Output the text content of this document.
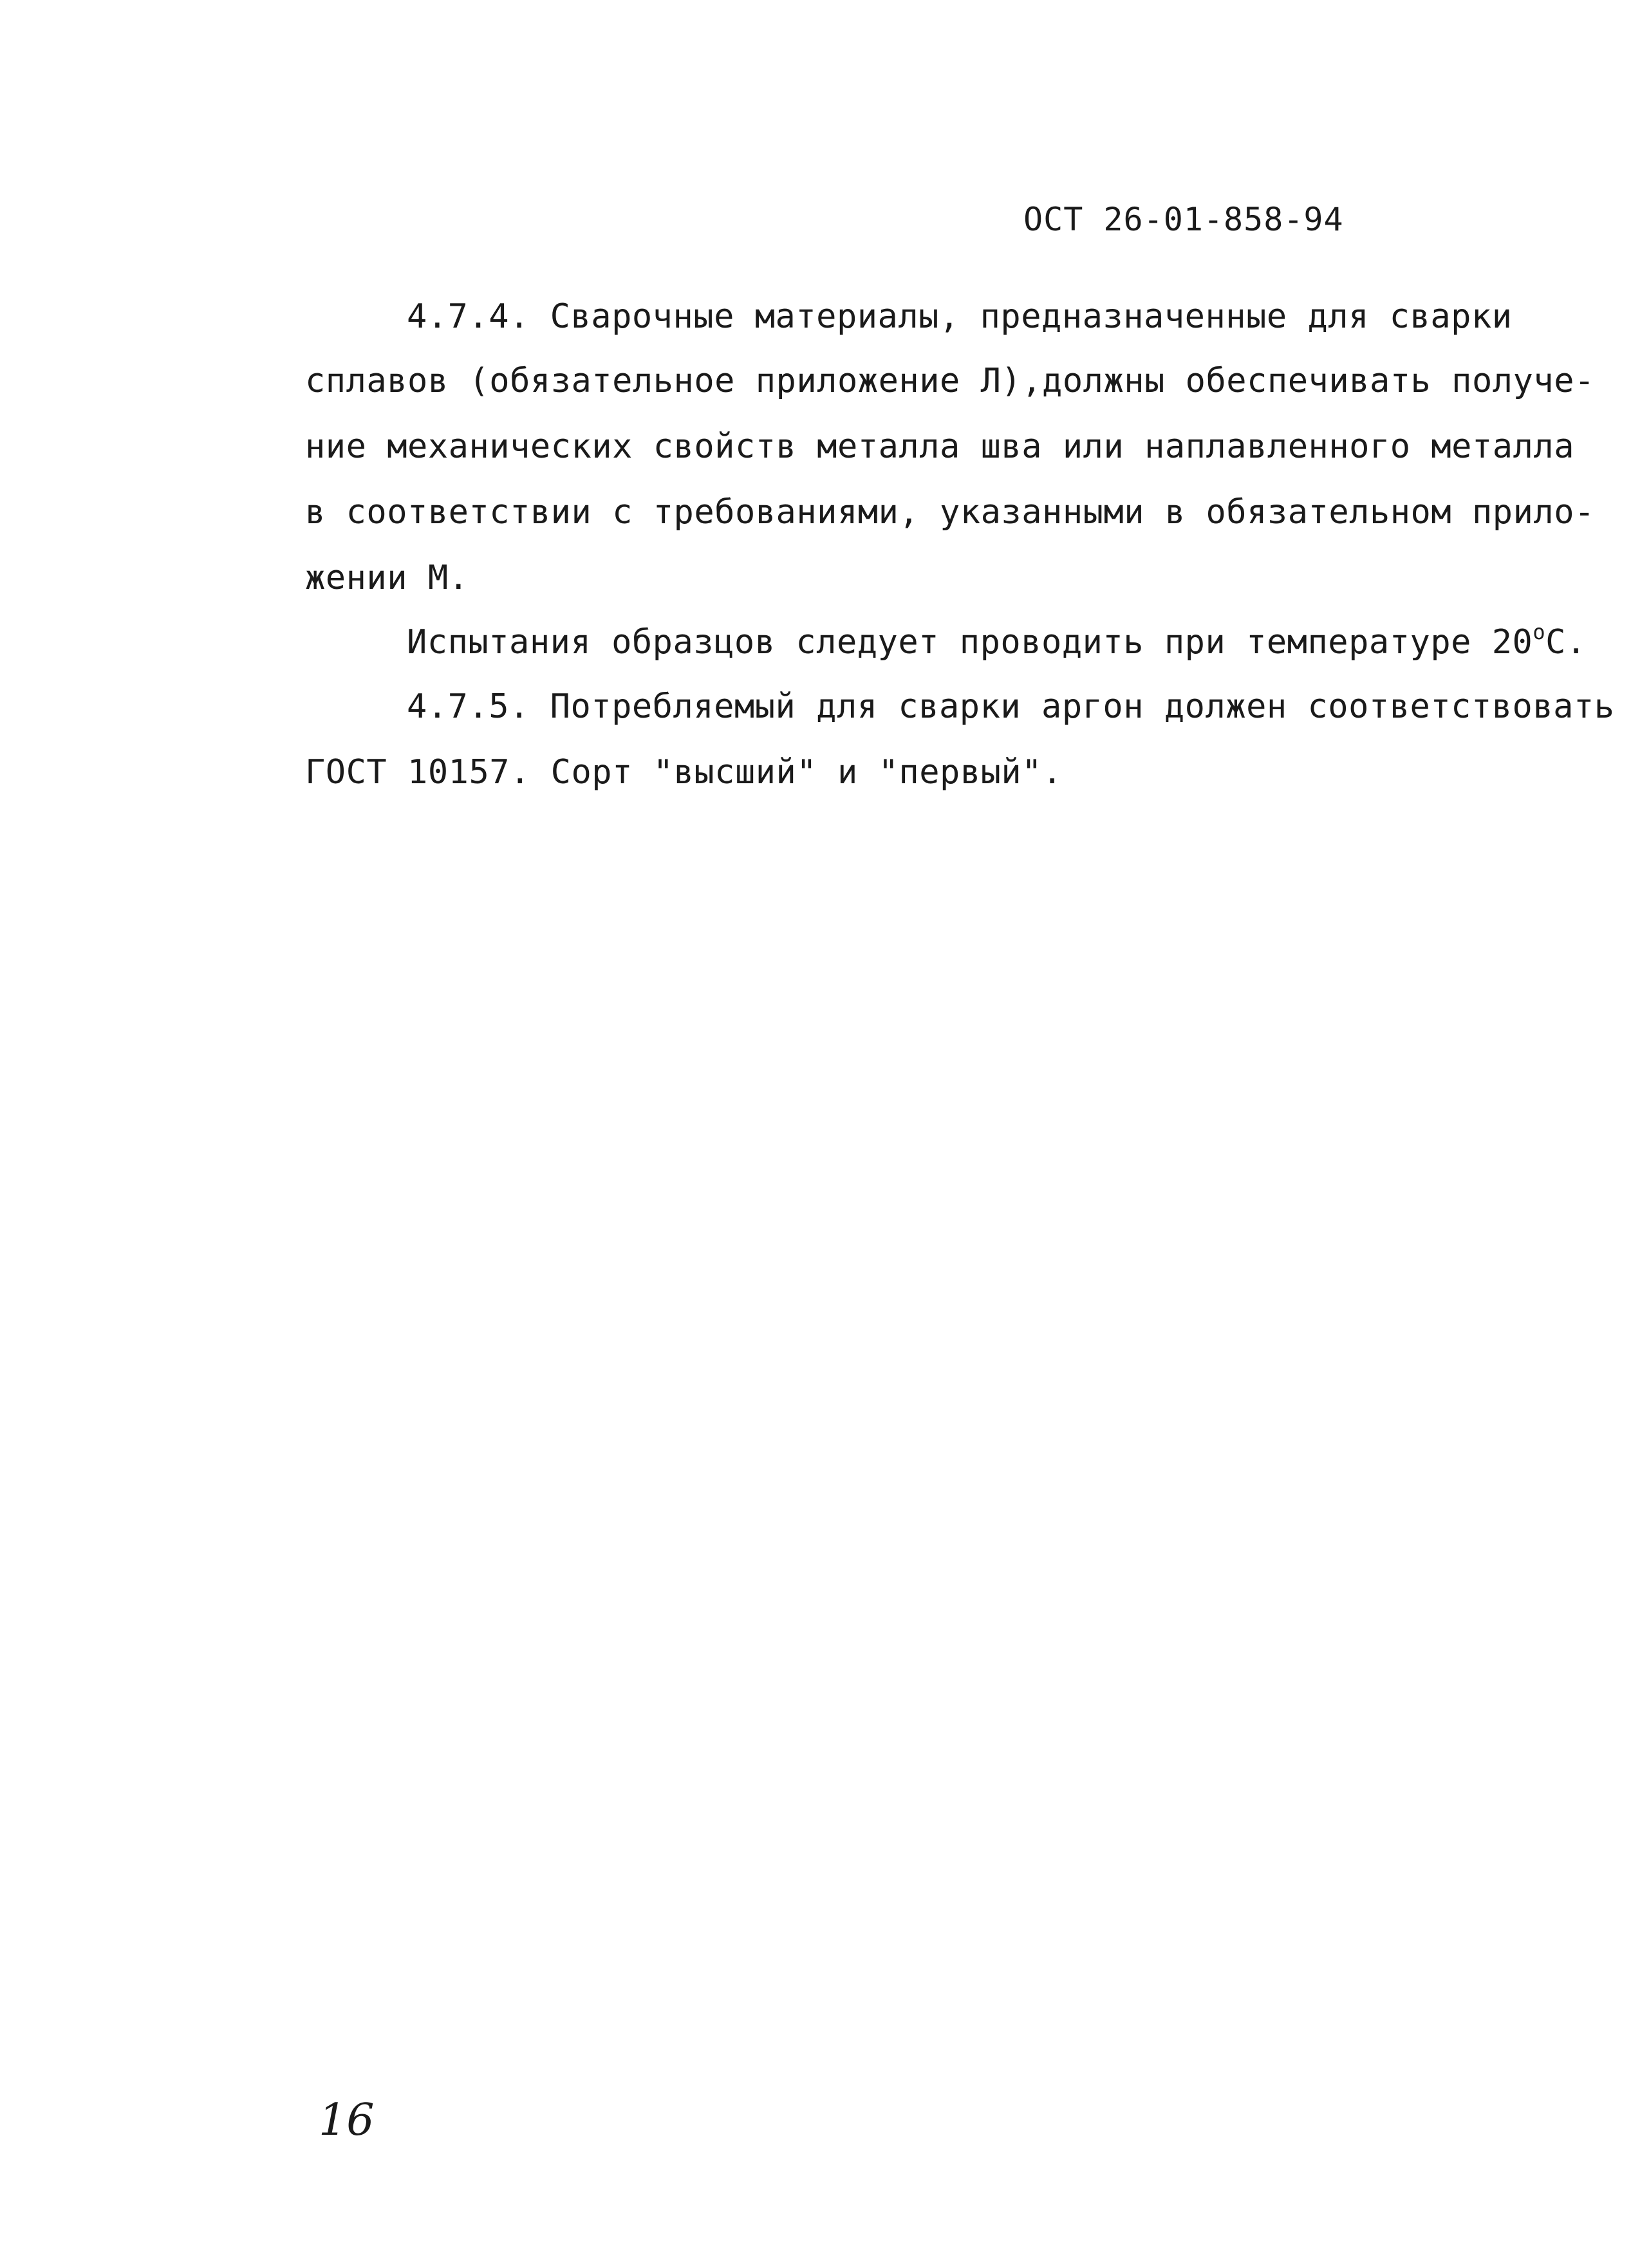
ОСТ 26-01-858-94
4.7.4. Сварочные материалы, предназначенные для сварки
сплавов (обязательное приложение Л),должны обеспечивать получе-
ние механических свойств металла шва или наплавленного металла
в соответствии с требованиями, указанными в обязательном прило-
жении М.
Испытания образцов следует проводить при температуре $20^оС$.
4.7.5. Потребляемый для сварки аргон должен соответствовать
ГОСТ 10157. Сорт "высший" и "первый".
16
